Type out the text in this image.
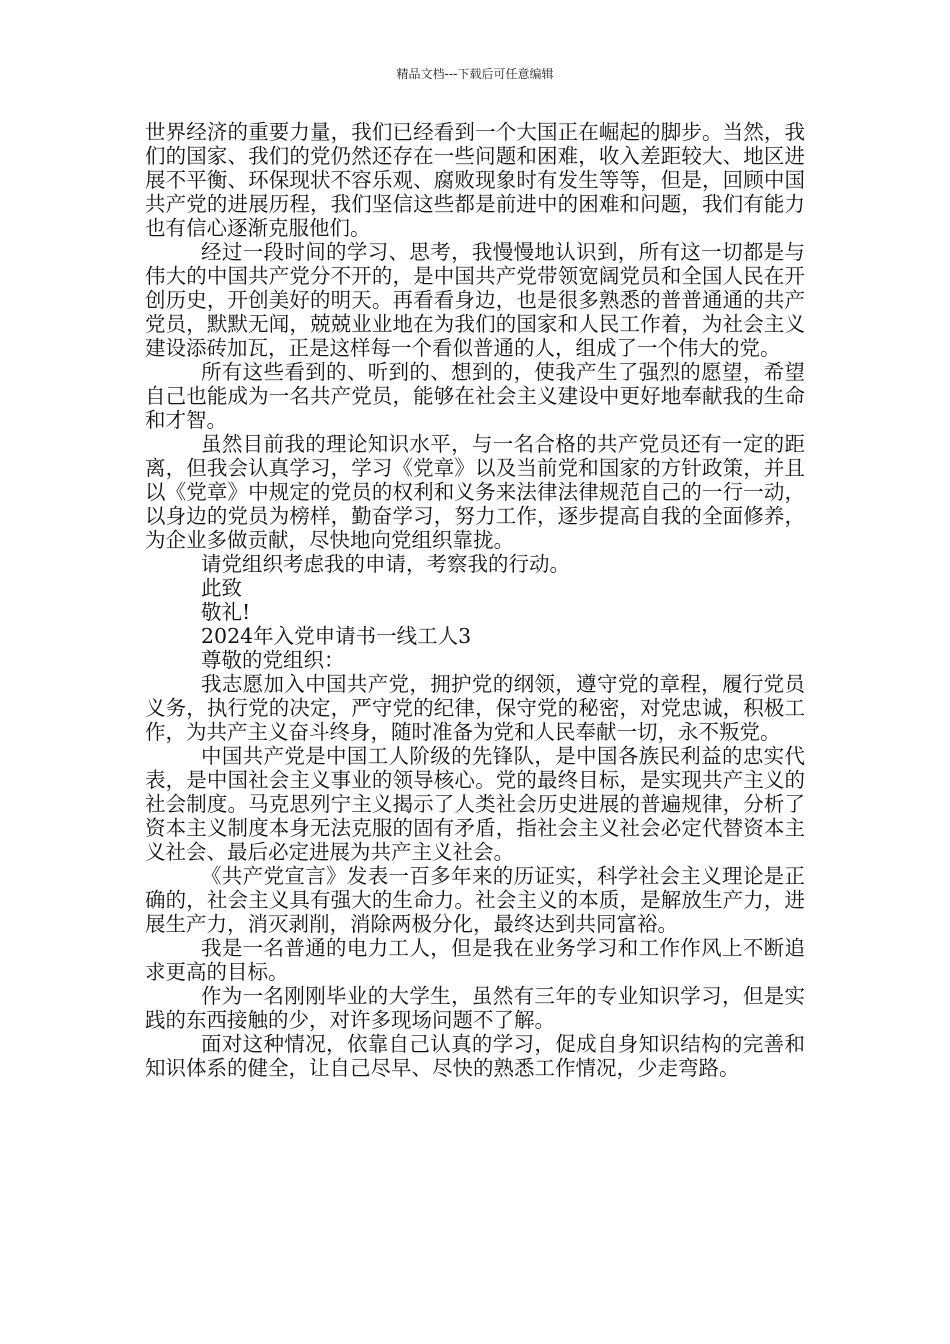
精品文档---下载后可任意编辑

世界经济的重要力量，我们已经看到一个大国正在崛起的脚步。当然，我们的国家、我们的党仍然还存在一些问题和困难，收入差距较大、地区进展不平衡、环保现状不容乐观、腐败现象时有发生等等，但是，回顾中国共产党的进展历程，我们坚信这些都是前进中的困难和问题，我们有能力也有信心逐渐克服他们。

经过一段时间的学习、思考，我慢慢地认识到，所有这一切都是与伟大的中国共产党分不开的，是中国共产党带领宽阔党员和全国人民在开创历史，开创美好的明天。再看看身边，也是很多熟悉的普普通通的共产党员，默默无闻，兢兢业业地在为我们的国家和人民工作着，为社会主义建设添砖加瓦，正是这样每一个看似普通的人，组成了一个伟大的党。

所有这些看到的、听到的、想到的，使我产生了强烈的愿望，希望自己也能成为一名共产党员，能够在社会主义建设中更好地奉献我的生命和才智。

虽然目前我的理论知识水平，与一名合格的共产党员还有一定的距离，但我会认真学习，学习《党章》以及当前党和国家的方针政策，并且以《党章》中规定的党员的权利和义务来法律法律规范自己的一行一动，以身边的党员为榜样，勤奋学习，努力工作，逐步提高自我的全面修养，为企业多做贡献，尽快地向党组织靠拢。

请党组织考虑我的申请，考察我的行动。

此致

敬礼!

2024年入党申请书一线工人3

尊敬的党组织：

我志愿加入中国共产党，拥护党的纲领，遵守党的章程，履行党员义务，执行党的决定，严守党的纪律，保守党的秘密，对党忠诚，积极工作，为共产主义奋斗终身，随时准备为党和人民奉献一切，永不叛党。

中国共产党是中国工人阶级的先锋队，是中国各族民利益的忠实代表，是中国社会主义事业的领导核心。党的最终目标，是实现共产主义的社会制度。马克思列宁主义揭示了人类社会历史进展的普遍规律，分析了资本主义制度本身无法克服的固有矛盾，指社会主义社会必定代替资本主义社会、最后必定进展为共产主义社会。

《共产党宣言》发表一百多年来的历证实，科学社会主义理论是正确的，社会主义具有强大的生命力。社会主义的本质，是解放生产力，进展生产力，消灭剥削，消除两极分化，最终达到共同富裕。

我是一名普通的电力工人，但是我在业务学习和工作作风上不断追求更高的目标。

作为一名刚刚毕业的大学生，虽然有三年的专业知识学习，但是实践的东西接触的少，对许多现场问题不了解。

面对这种情况，依靠自己认真的学习，促成自身知识结构的完善和知识体系的健全，让自己尽早、尽快的熟悉工作情况，少走弯路。
